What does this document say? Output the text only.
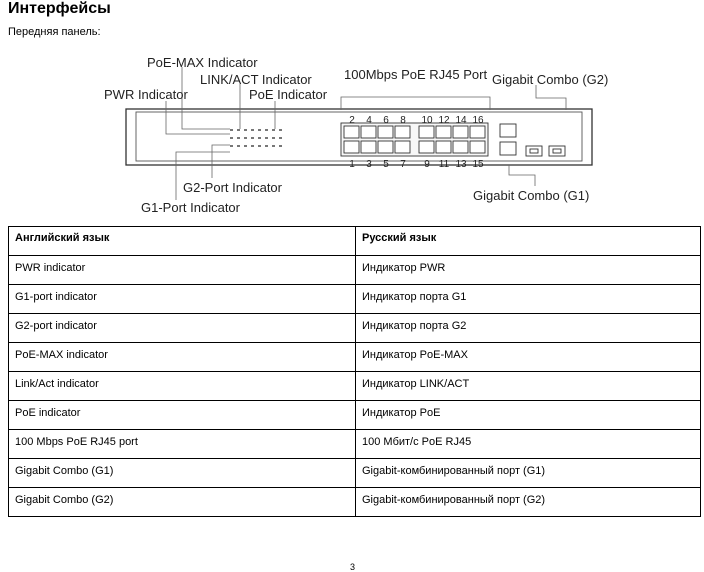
Интерфейсы
Передняя панель:
2 4 6 8 10 12 14 16
1 3 5 7 9 11 13 15
PoE-MAX Indicator
LINK/ACT Indicator
PoE Indicator
PWR Indicator
100Mbps PoE RJ45 Port Gigabit Combo (G2)
Gigabit Combo (G1)
G2-Port Indicator
G1-Port Indicator
Английский язык	Русский язык
PWR indicator	Индикатор PWR
G1-port indicator	Индикатор порта G1
G2-port indicator	Индикатор порта G2
PoE-MAX indicator	Индикатор PoE-MAX
Link/Act indicator	Индикатор LINK/ACT
PoE indicator	Индикатор PoE
100 Mbps PoE RJ45 port	100 Мбит/с PoE RJ45
Gigabit Combo (G1)	Gigabit-комбинированный порт (G1)
Gigabit Combo (G2)	Gigabit-комбинированный порт (G2)
3
